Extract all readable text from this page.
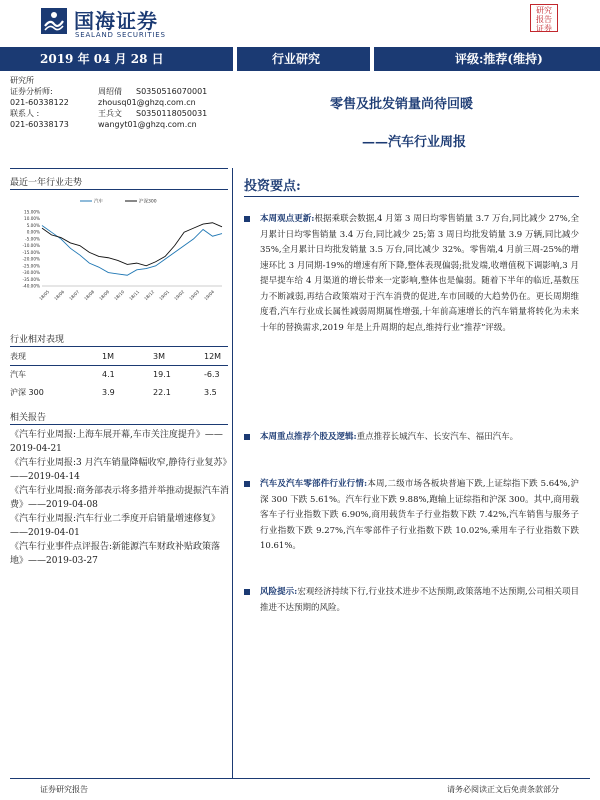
国海证券
SEALAND SECURITIES
研究
报告
证券
2019 年 04 月 28 日	行业研究	评级:推荐(维持)
研究所
证券分析师:	周绍倩 S0350516070001
021-60338122	zhousq01@ghzq.com.cn
联系人 :	王兵文 S0350118050031
021-60338173	wangyt01@ghzq.com.cn
零售及批发销量尚待回暖
——汽车行业周报
最近一年行业走势
15.00%
10.00%
5.00%
0.00%
-5.00%
-10.00%
-15.00%
-20.00%
-25.00%
-30.00%
-35.00%
-40.00%
18/05 18/06 18/07 18/08 18/09 18/10 18/11 18/12 19/01 19/02 19/03 19/04
汽车	沪深300
行业相对表现
表现	1M	3M	12M
汽车	4.1	19.1	-6.3
沪深 300	3.9	22.1	3.5
相关报告
《汽车行业周报:上海车展开幕,车市关注度提升》——2019-04-21
《汽车行业周报:3 月汽车销量降幅收窄,静待行业复苏》——2019-04-14
《汽车行业周报:商务部表示将多措并举推动提振汽车消费》——2019-04-08
《汽车行业周报:汽车行业二季度开启销量增速修复》——2019-04-01
《汽车行业事件点评报告:新能源汽车财政补贴政策落地》——2019-03-27
投资要点:
本周观点更新:根据乘联会数据,4 月第 3 周日均零售销量 3.7 万台,同比减少 27%,全月累计日均零售销量 3.4 万台,同比减少 25;第 3 周日均批发销量 3.9 万辆,同比减少 35%,全月累计日均批发销量 3.5 万台,同比减少 32%。零售端,4 月前三周-25%的增速环比 3 月同期-19%的增速有所下降,整体表现偏弱;批发端,收增值税下调影响,3 月提早提车给 4 月渠道的增长带来一定影响,整体也是偏弱。随着下半年的临近,基数压力不断减弱,再结合政策端对于汽车消费的促进,车市回暖的大趋势仍在。更长周期维度看,汽车行业成长属性减弱周期属性增强,十年前高速增长的汽车销量将转化为未来十年的替换需求,2019 年是上升周期的起点,维持行业“推荐”评级。
本周重点推荐个股及逻辑:重点推荐长城汽车、长安汽车、福田汽车。
汽车及汽车零部件行业行情:本周,二级市场各板块普遍下跌,上证综指下跌 5.64%,沪深 300 下跌 5.61%。汽车行业下跌 9.88%,跑输上证综指和沪深 300。其中,商用载客车子行业指数下跌 6.90%,商用载货车子行业指数下跌 7.42%,汽车销售与服务子行业指数下跌 9.27%,汽车零部件子行业指数下跌 10.02%,乘用车子行业指数下跌 10.61%。
风险提示:宏观经济持续下行,行业技术进步不达预期,政策落地不达预期,公司相关项目推进不达预期的风险。
证券研究报告	请务必阅读正文后免责条款部分
